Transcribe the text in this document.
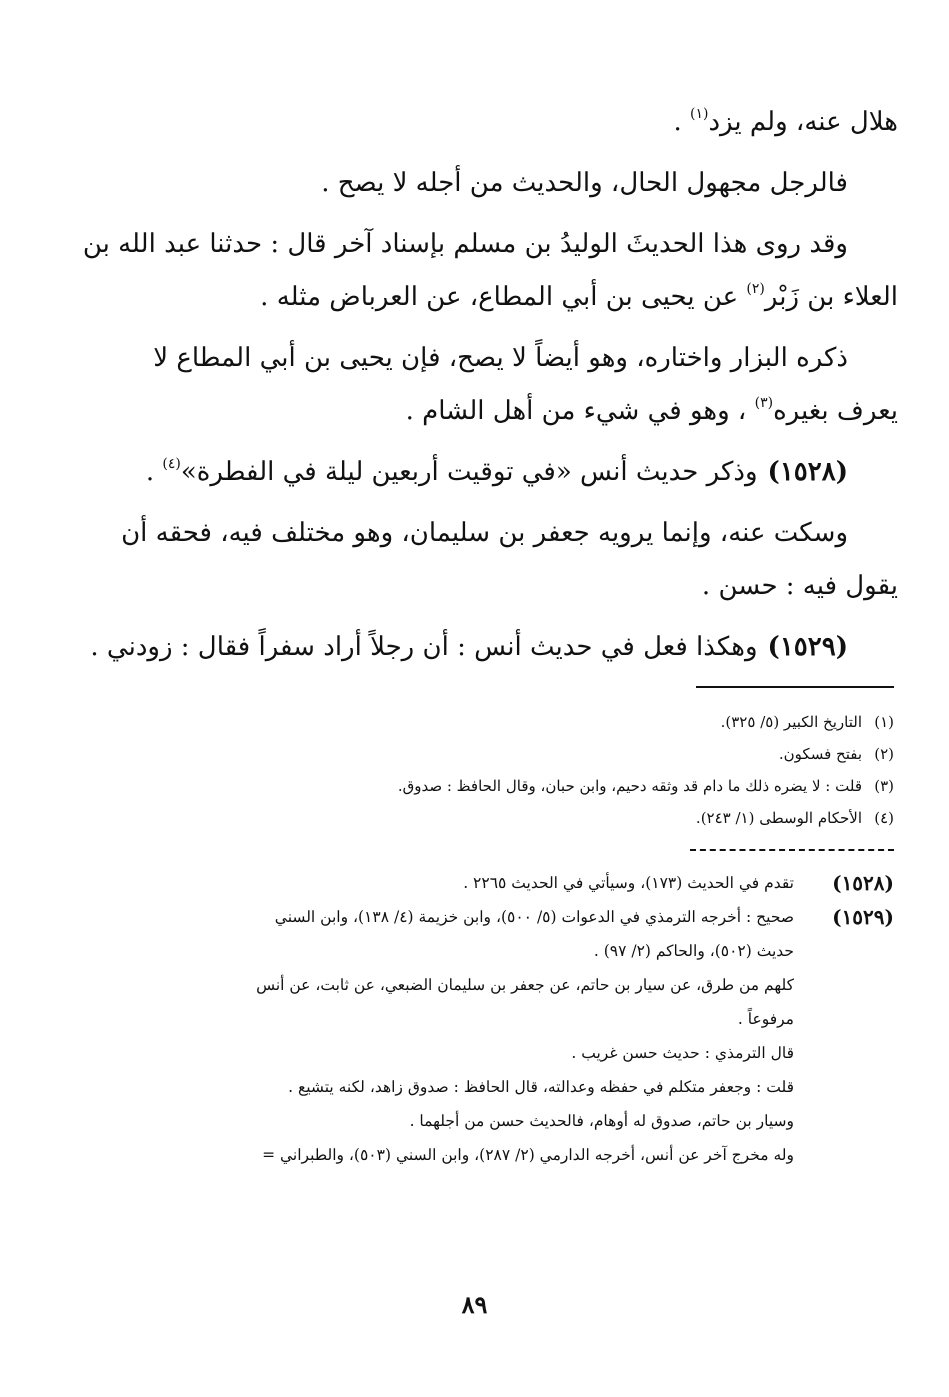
هلال عنه، ولم يزد$^{(١)}$ .
فالرجل مجهول الحال، والحديث من أجله لا يصح .
وقد روى هذا الحديثَ الوليدُ بن مسلم بإسناد آخر قال : حدثنا عبد الله بن
العلاء بن زَبْر$^{(٢)}$ عن يحيى بن أبي المطاع، عن العرباض مثله .
ذكره البزار واختاره، وهو أيضاً لا يصح، فإن يحيى بن أبي المطاع لا
يعرف بغيره$^{(٣)}$ ، وهو في شيء من أهل الشام .
(١٥٢٨)وذكر حديث أنس «في توقيت أربعين ليلة في الفطرة»$^{(٤)}$ .
وسكت عنه، وإنما يرويه جعفر بن سليمان، وهو مختلف فيه، فحقه أن
يقول فيه : حسن .
(١٥٢٩)وهكذا فعل في حديث أنس : أن رجلاً أراد سفراً فقال : زودني .
(١)
التاريخ الكبير (٥/ ٣٢٥).
(٢)
بفتح فسكون.
(٣)
قلت : لا يضره ذلك ما دام قد وثقه دحيم، وابن حبان، وقال الحافظ : صدوق.
(٤)
الأحكام الوسطى (١/ ٢٤٣).
(١٥٢٨)
تقدم في الحديث (١٧٣)، وسيأتي في الحديث ٢٢٦٥ .
(١٥٢٩)
صحيح : أخرجه الترمذي في الدعوات (٥/ ٥٠٠)، وابن خزيمة (٤/ ١٣٨)، وابن السني
حديث (٥٠٢)، والحاكم (٢/ ٩٧) .
كلهم من طرق، عن سيار بن حاتم، عن جعفر بن سليمان الضبعي، عن ثابت، عن أنس
مرفوعاً .
قال الترمذي : حديث حسن غريب .
قلت : وجعفر متكلم في حفظه وعدالته، قال الحافظ : صدوق زاهد، لكنه يتشيع .
وسيار بن حاتم، صدوق له أوهام، فالحديث حسن من أجلهما .
وله مخرج آخر عن أنس، أخرجه الدارمي (٢/ ٢٨٧)، وابن السني (٥٠٣)، والطبراني =
٨٩
